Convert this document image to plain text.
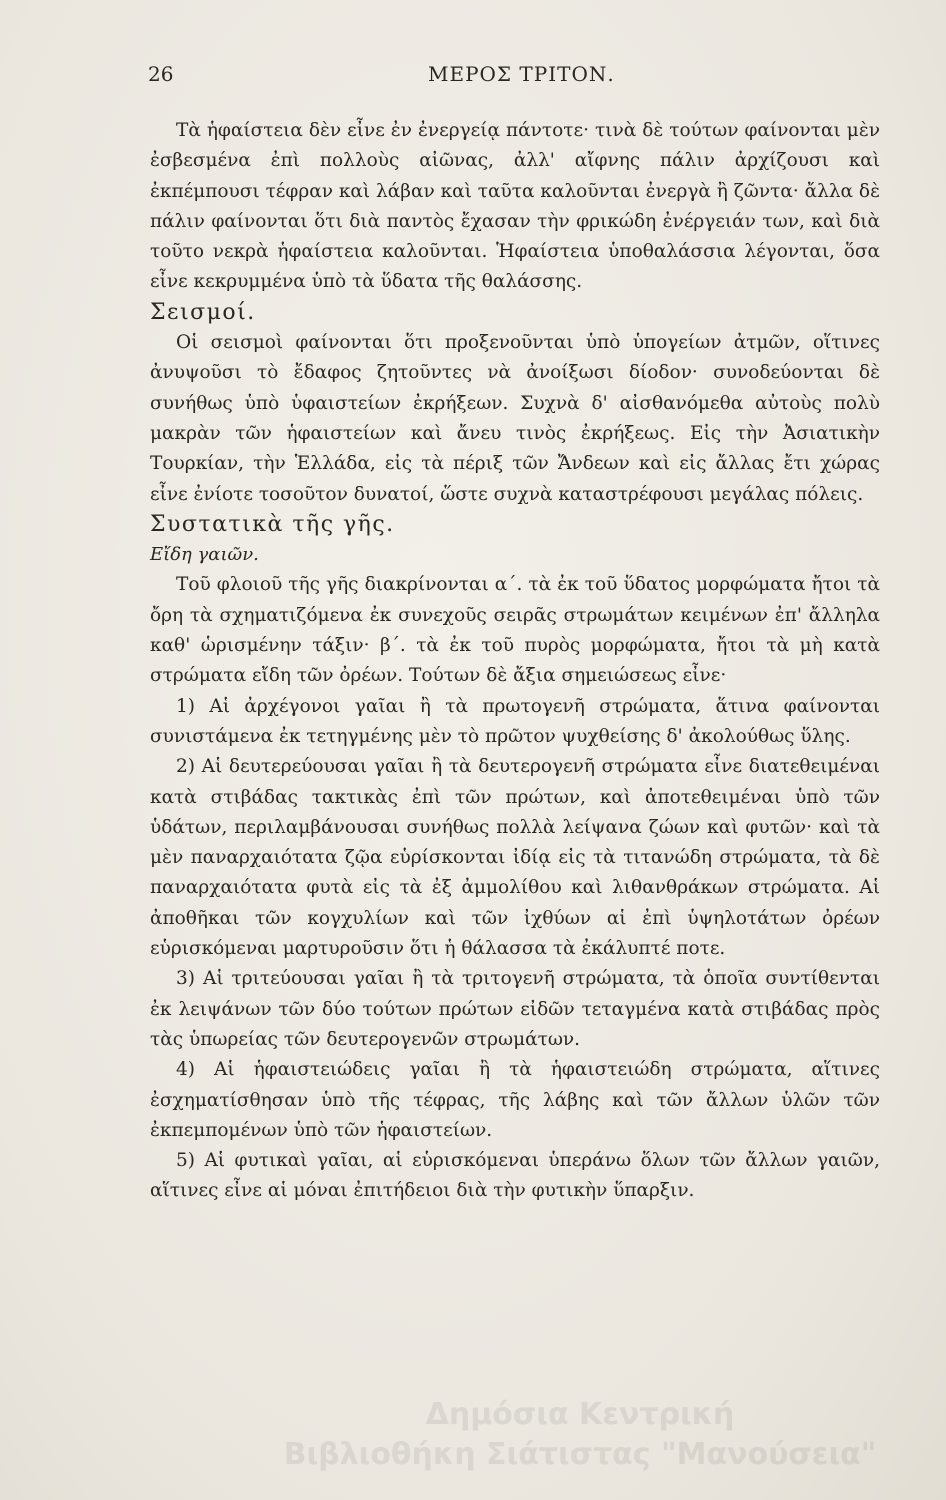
26	ΜΕΡΟΣ ΤΡΙΤΟΝ.

Τὰ ἡφαίστεια δὲν εἶνε ἐν ἐνεργείᾳ πάντοτε· τινὰ δὲ τούτων φαίνονται μὲν ἐσβεσμένα ἐπὶ πολλοὺς αἰῶνας, ἀλλ' αἴφνης πάλιν ἀρχίζουσι καὶ ἐκπέμπουσι τέφραν καὶ λάβαν καὶ ταῦτα καλοῦνται ἐνεργὰ ἢ ζῶντα· ἄλλα δὲ πάλιν φαίνονται ὅτι διὰ παντὸς ἔχασαν τὴν φρικώδη ἐνέργειάν των, καὶ διὰ τοῦτο νεκρὰ ἡφαίστεια καλοῦνται. Ἡφαίστεια ὑποθαλάσσια λέγονται, ὅσα εἶνε κεκρυμμένα ὑπὸ τὰ ὕδατα τῆς θαλάσσης.

Σεισμοί.

Οἱ σεισμοὶ φαίνονται ὅτι προξενοῦνται ὑπὸ ὑπογείων ἀτμῶν, οἵτινες ἀνυψοῦσι τὸ ἔδαφος ζητοῦντες νὰ ἀνοίξωσι δίοδον· συνοδεύονται δὲ συνήθως ὑπὸ ὑφαιστείων ἐκρήξεων. Συχνὰ δ' αἰσθανόμεθα αὐτοὺς πολὺ μακρὰν τῶν ἡφαιστείων καὶ ἄνευ τινὸς ἐκρήξεως. Εἰς τὴν Ἀσιατικὴν Τουρκίαν, τὴν Ἑλλάδα, εἰς τὰ πέριξ τῶν Ἄνδεων καὶ εἰς ἄλλας ἔτι χώρας εἶνε ἐνίοτε τοσοῦτον δυνατοί, ὥστε συχνὰ καταστρέφουσι μεγάλας πόλεις.

Συστατικὰ τῆς γῆς.

Εἴδη γαιῶν.

Τοῦ φλοιοῦ τῆς γῆς διακρίνονται α΄. τὰ ἐκ τοῦ ὕδατος μορφώματα ἤτοι τὰ ὄρη τὰ σχηματιζόμενα ἐκ συνεχοῦς σειρᾶς στρωμάτων κειμένων ἐπ' ἄλληλα καθ' ὡρισμένην τάξιν· β΄. τὰ ἐκ τοῦ πυρὸς μορφώματα, ἤτοι τὰ μὴ κατὰ στρώματα εἴδη τῶν ὀρέων. Τούτων δὲ ἄξια σημειώσεως εἶνε·

1) Αἱ ἀρχέγονοι γαῖαι ἢ τὰ πρωτογενῆ στρώματα, ἅτινα φαίνονται συνιστάμενα ἐκ τετηγμένης μὲν τὸ πρῶτον ψυχθείσης δ' ἀκολούθως ὕλης.

2) Αἱ δευτερεύουσαι γαῖαι ἢ τὰ δευτερογενῆ στρώματα εἶνε διατεθειμέναι κατὰ στιβάδας τακτικὰς ἐπὶ τῶν πρώτων, καὶ ἀποτεθειμέναι ὑπὸ τῶν ὑδάτων, περιλαμβάνουσαι συνήθως πολλὰ λείψανα ζώων καὶ φυτῶν· καὶ τὰ μὲν παναρχαιότατα ζῷα εὑρίσκονται ἰδίᾳ εἰς τὰ τιτανώδη στρώματα, τὰ δὲ παναρχαιότατα φυτὰ εἰς τὰ ἐξ ἀμμολίθου καὶ λιθανθράκων στρώματα. Αἱ ἀποθῆκαι τῶν κογχυλίων καὶ τῶν ἰχθύων αἱ ἐπὶ ὑψηλοτάτων ὀρέων εὑρισκόμεναι μαρτυροῦσιν ὅτι ἡ θάλασσα τὰ ἐκάλυπτέ ποτε.

3) Αἱ τριτεύουσαι γαῖαι ἢ τὰ τριτογενῆ στρώματα, τὰ ὁποῖα συντίθενται ἐκ λειψάνων τῶν δύο τούτων πρώτων εἰδῶν τεταγμένα κατὰ στιβάδας πρὸς τὰς ὑπωρείας τῶν δευτερογενῶν στρωμάτων.

4) Αἱ ἡφαιστειώδεις γαῖαι ἢ τὰ ἡφαιστειώδη στρώματα, αἵτινες ἐσχηματίσθησαν ὑπὸ τῆς τέφρας, τῆς λάβης καὶ τῶν ἄλλων ὑλῶν τῶν ἐκπεμπομένων ὑπὸ τῶν ἡφαιστείων.

5) Αἱ φυτικαὶ γαῖαι, αἱ εὑρισκόμεναι ὑπεράνω ὅλων τῶν ἄλλων γαιῶν, αἵτινες εἶνε αἱ μόναι ἐπιτήδειοι διὰ τὴν φυτικὴν ὕπαρξιν.

Δημόσια Κεντρική
Βιβλιοθήκη Σιάτιστας "Μανούσεια"
